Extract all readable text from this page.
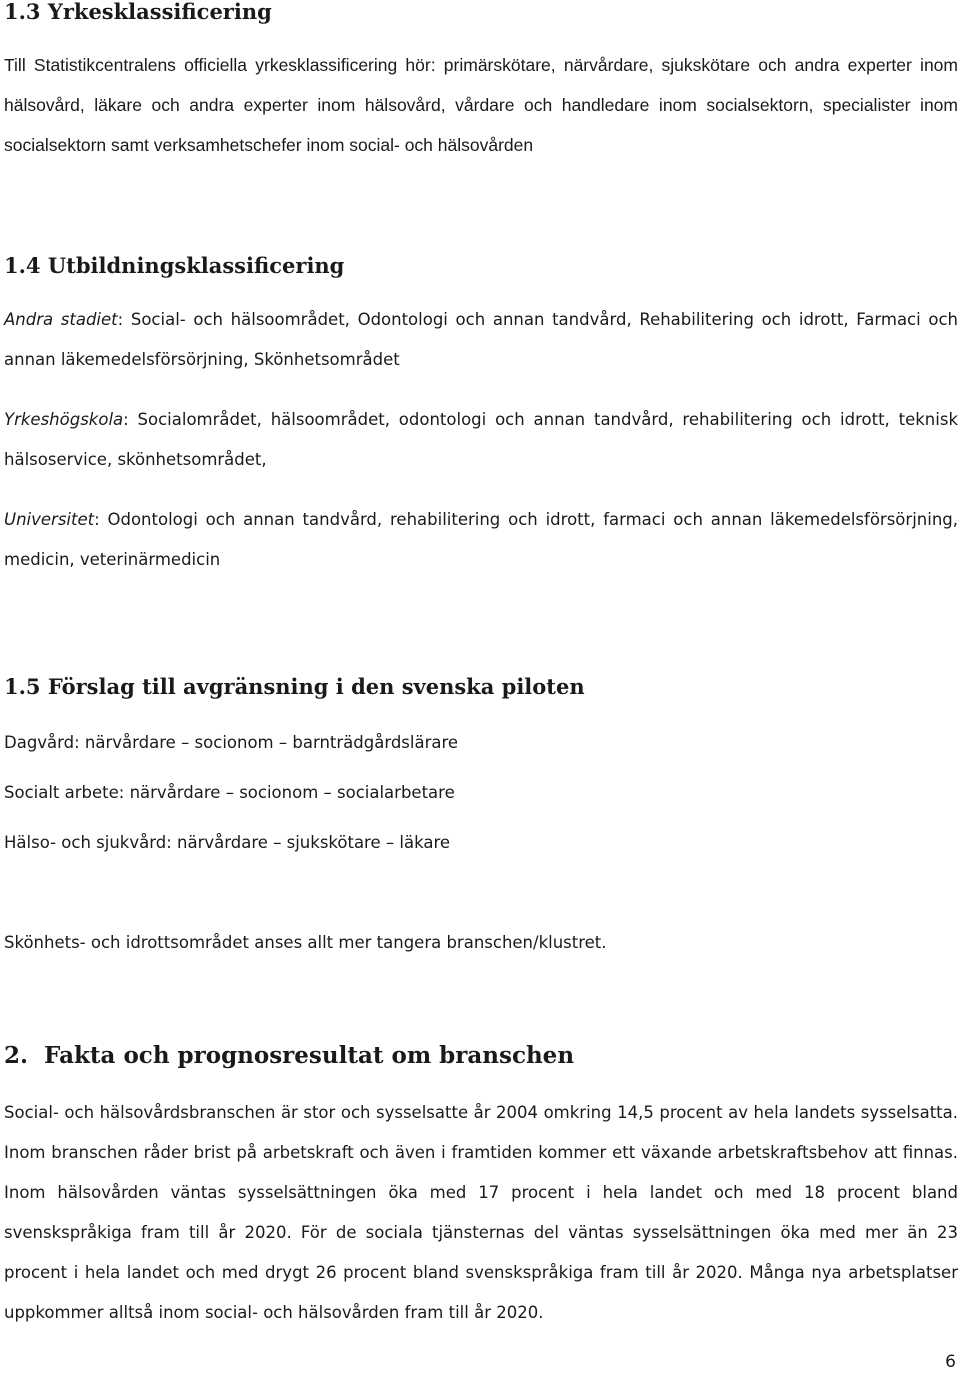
1.3 Yrkesklassificering

Till Statistikcentralens officiella yrkesklassificering hör: primärskötare, närvårdare, sjukskötare och andra experter inom hälsovård, läkare och andra experter inom hälsovård, vårdare och handledare inom socialsektorn, specialister inom socialsektorn samt verksamhetschefer inom social- och hälsovården

1.4 Utbildningsklassificering

Andra stadiet: Social- och hälsoområdet, Odontologi och annan tandvård, Rehabilitering och idrott, Farmaci och annan läkemedelsförsörjning, Skönhetsområdet

Yrkeshögskola: Socialområdet, hälsoområdet, odontologi och annan tandvård, rehabilitering och idrott, teknisk hälsoservice, skönhetsområdet,

Universitet: Odontologi och annan tandvård, rehabilitering och idrott, farmaci och annan läkemedelsförsörjning, medicin, veterinärmedicin

1.5 Förslag till avgränsning i den svenska piloten

Dagvård: närvårdare – socionom – barnträdgårdslärare

Socialt arbete: närvårdare – socionom – socialarbetare

Hälso- och sjukvård: närvårdare – sjukskötare – läkare

Skönhets- och idrottsområdet anses allt mer tangera branschen/klustret.

2.  Fakta och prognosresultat om branschen

Social- och hälsovårdsbranschen är stor och sysselsatte år 2004 omkring 14,5 procent av hela landets sysselsatta. Inom branschen råder brist på arbetskraft och även i framtiden kommer ett växande arbetskraftsbehov att finnas. Inom hälsovården väntas sysselsättningen öka med 17 procent i hela landet och med 18 procent bland svenskspråkiga fram till år 2020. För de sociala tjänsternas del väntas sysselsättningen öka med mer än 23 procent i hela landet och med drygt 26 procent bland svenskspråkiga fram till år 2020. Många nya arbetsplatser uppkommer alltså inom social- och hälsovården fram till år 2020.

6
